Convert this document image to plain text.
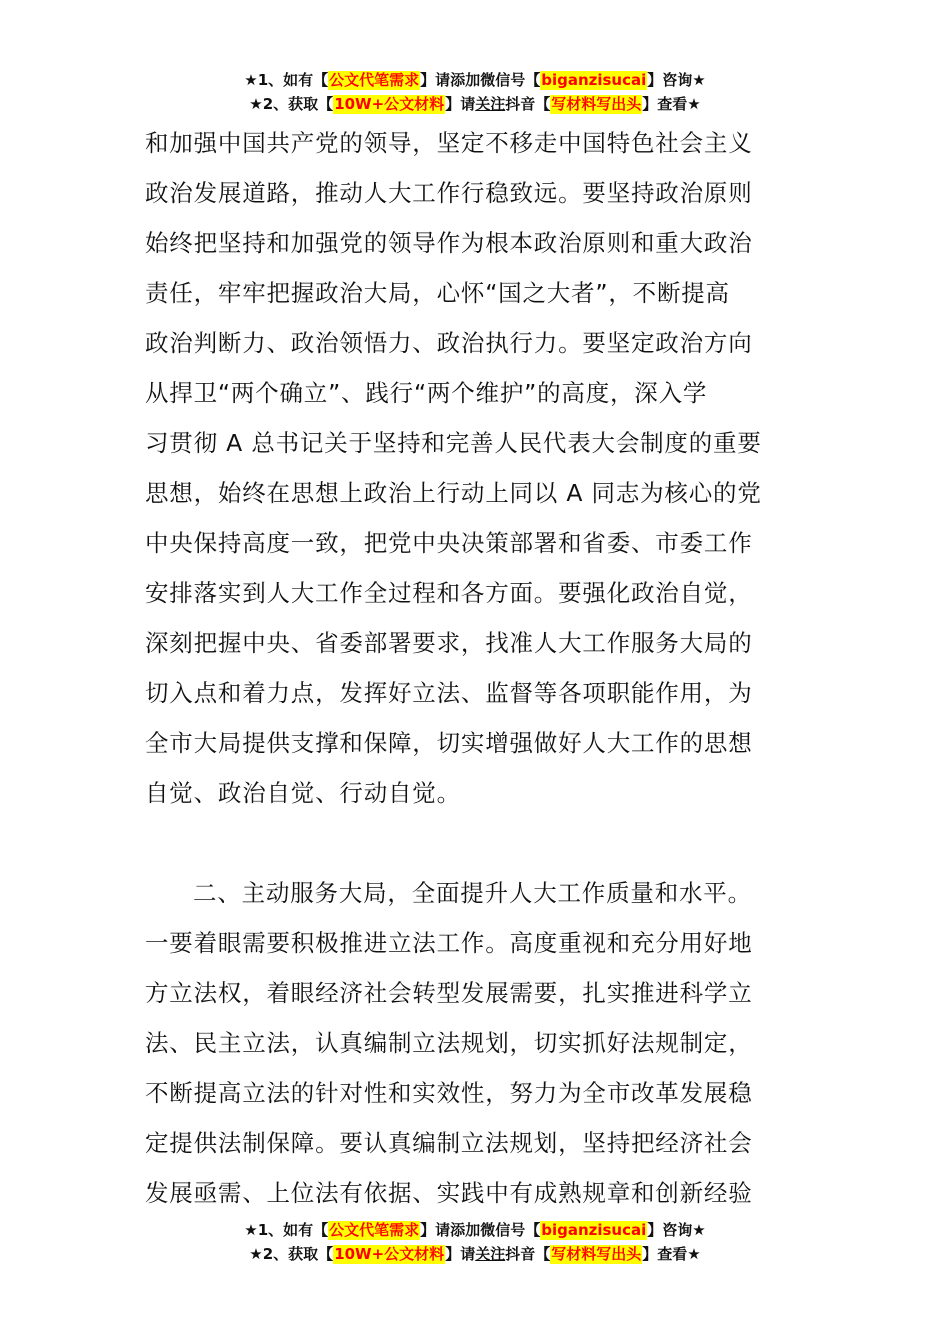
★1、如有【公文代笔需求】请添加微信号【biganzisucai】咨询★
★2、获取【10W+公文材料】请关注抖音【写材料写出头】查看★
和加强中国共产党的领导，坚定不移走中国特色社会主义
政治发展道路，推动人大工作行稳致远。要坚持政治原则
始终把坚持和加强党的领导作为根本政治原则和重大政治
责任，牢牢把握政治大局，心怀“国之大者”，不断提高
政治判断力、政治领悟力、政治执行力。要坚定政治方向
从捍卫“两个确立”、践行“两个维护”的高度，深入学
习贯彻 A 总书记关于坚持和完善人民代表大会制度的重要
思想，始终在思想上政治上行动上同以 A 同志为核心的党
中央保持高度一致，把党中央决策部署和省委、市委工作
安排落实到人大工作全过程和各方面。要强化政治自觉，
深刻把握中央、省委部署要求，找准人大工作服务大局的
切入点和着力点，发挥好立法、监督等各项职能作用，为
全市大局提供支撑和保障，切实增强做好人大工作的思想
自觉、政治自觉、行动自觉。
二、主动服务大局，全面提升人大工作质量和水平。
一要着眼需要积极推进立法工作。高度重视和充分用好地
方立法权，着眼经济社会转型发展需要，扎实推进科学立
法、民主立法，认真编制立法规划，切实抓好法规制定，
不断提高立法的针对性和实效性，努力为全市改革发展稳
定提供法制保障。要认真编制立法规划，坚持把经济社会
发展亟需、上位法有依据、实践中有成熟规章和创新经验
★1、如有【公文代笔需求】请添加微信号【biganzisucai】咨询★
★2、获取【10W+公文材料】请关注抖音【写材料写出头】查看★
